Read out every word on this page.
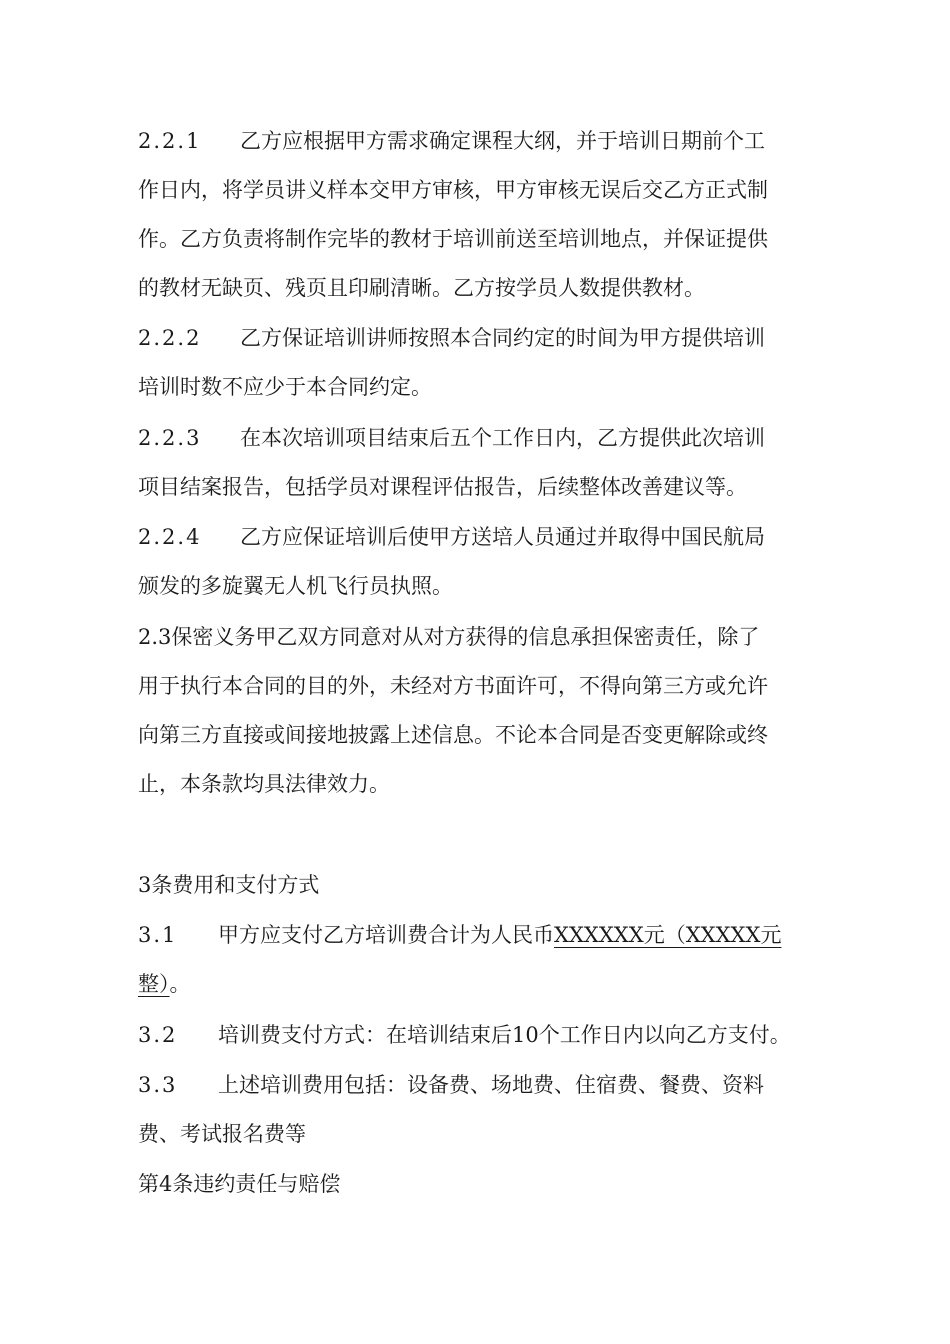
2.2.1 乙方应根据甲方需求确定课程大纲，并于培训日期前个工
作日内，将学员讲义样本交甲方审核，甲方审核无误后交乙方正式制
作。乙方负责将制作完毕的教材于培训前送至培训地点，并保证提供
的教材无缺页、残页且印刷清晰。乙方按学员人数提供教材。
2.2.2 乙方保证培训讲师按照本合同约定的时间为甲方提供培训
培训时数不应少于本合同约定。
2.2.3 在本次培训项目结束后五个工作日内，乙方提供此次培训
项目结案报告，包括学员对课程评估报告，后续整体改善建议等。
2.2.4 乙方应保证培训后使甲方送培人员通过并取得中国民航局
颁发的多旋翼无人机飞行员执照。
2.3保密义务甲乙双方同意对从对方获得的信息承担保密责任，除了
用于执行本合同的目的外，未经对方书面许可，不得向第三方或允许
向第三方直接或间接地披露上述信息。不论本合同是否变更解除或终
止，本条款均具法律效力。
3条费用和支付方式
3.1 甲方应支付乙方培训费合计为人民币XXXXXX元（XXXXX元
整）。
3.2 培训费支付方式：在培训结束后10个工作日内以向乙方支付。
3.3 上述培训费用包括：设备费、场地费、住宿费、餐费、资料
费、考试报名费等
第4条违约责任与赔偿
